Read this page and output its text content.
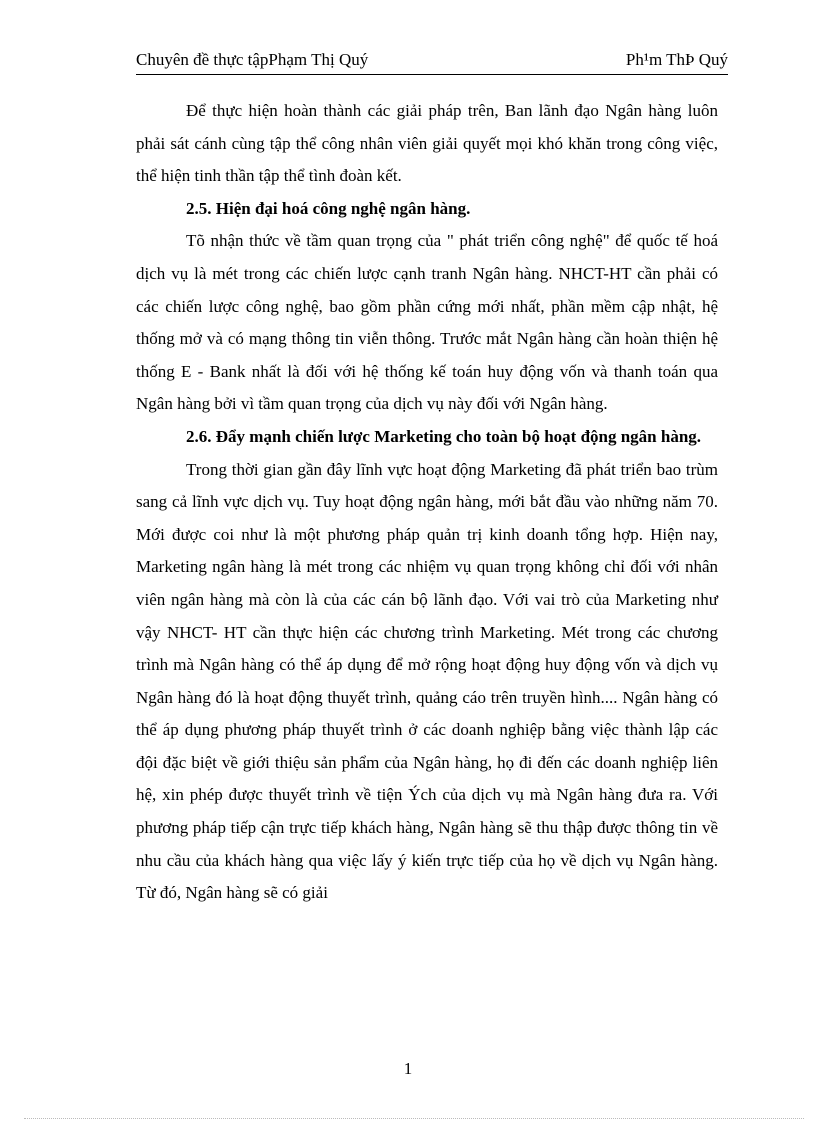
Chuyên đề thực tậpPhạm Thị Quý	Ph¹m ThÞ Quý

Để thực hiện hoàn thành các giải pháp trên, Ban lãnh đạo Ngân hàng luôn phải sát cánh cùng tập thể công nhân viên giải quyết mọi khó khăn trong công việc, thể hiện tinh thần tập thể tình đoàn kết.

2.5. Hiện đại hoá công nghệ ngân hàng.

Tõ nhận thức về tầm quan trọng của " phát triển công nghệ" để quốc tế hoá dịch vụ là mét trong các chiến lược cạnh tranh Ngân hàng. NHCT-HT cần phải có các chiến lược công nghệ, bao gồm phần cứng mới nhất, phần mềm cập nhật, hệ thống mở và có mạng thông tin viễn thông. Trước mắt Ngân hàng cần hoàn thiện hệ thống E - Bank nhất là đối với hệ thống kế toán huy động vốn và thanh toán qua Ngân hàng bởi vì tầm quan trọng của dịch vụ này đối với Ngân hàng.

2.6. Đẩy mạnh chiến lược Marketing cho toàn bộ hoạt động ngân hàng.

Trong thời gian gần đây lĩnh vực hoạt động Marketing đã phát triển bao trùm sang cả lĩnh vực dịch vụ. Tuy hoạt động ngân hàng, mới bắt đầu vào những năm 70. Mới được coi như là một phương pháp quản trị kinh doanh tổng hợp. Hiện nay, Marketing ngân hàng là mét trong các nhiệm vụ quan trọng không chỉ đối với nhân viên ngân hàng mà còn là của các cán bộ lãnh đạo. Với vai trò của Marketing như vậy NHCT- HT cần thực hiện các chương trình Marketing. Mét trong các chương trình mà Ngân hàng có thể áp dụng để mở rộng hoạt động huy động vốn và dịch vụ Ngân hàng đó là hoạt động thuyết trình, quảng cáo trên truyền hình.... Ngân hàng có thể áp dụng phương pháp thuyết trình ở các doanh nghiệp bằng việc thành lập các đội đặc biệt về giới thiệu sản phẩm của Ngân hàng, họ đi đến các doanh nghiệp liên hệ, xin phép được thuyết trình về tiện Ých của dịch vụ mà Ngân hàng đưa ra. Với phương pháp tiếp cận trực tiếp khách hàng, Ngân hàng sẽ thu thập được thông tin về nhu cầu của khách hàng qua việc lấy ý kiến trực tiếp của họ về dịch vụ Ngân hàng. Từ đó, Ngân hàng sẽ có giải

1
